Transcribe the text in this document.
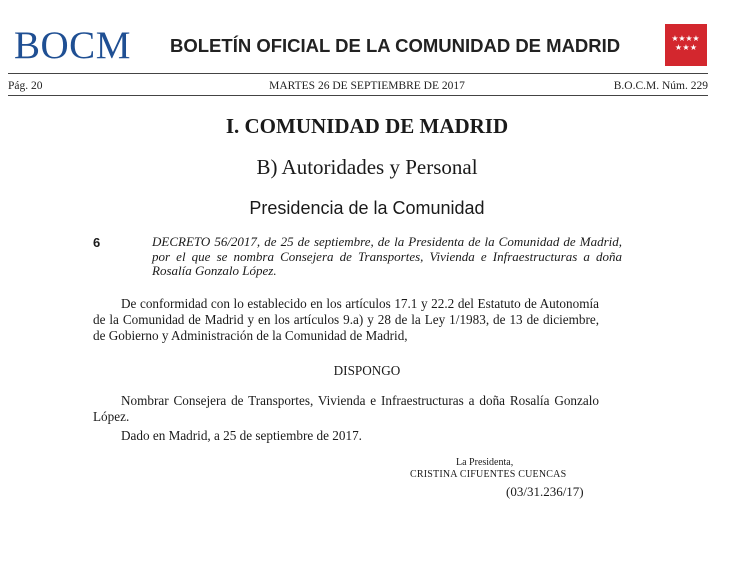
BOCM BOLETÍN OFICIAL DE LA COMUNIDAD DE MADRID	★ ★ ★ ★
★ ★ ★
Pág. 20	MARTES 26 DE SEPTIEMBRE DE 2017	B.O.C.M. Núm. 229
I. COMUNIDAD DE MADRID
B) Autoridades y Personal
Presidencia de la Comunidad
6	DECRETO 56/2017, de 25 de septiembre, de la Presidenta de la Comunidad de Madrid, por el que se nombra Consejera de Transportes, Vivienda e Infraestructuras a doña Rosalía Gonzalo López.
De conformidad con lo establecido en los artículos 17.1 y 22.2 del Estatuto de Autonomía de la Comunidad de Madrid y en los artículos 9.a) y 28 de la Ley 1/1983, de 13 de diciembre, de Gobierno y Administración de la Comunidad de Madrid,
DISPONGO
Nombrar Consejera de Transportes, Vivienda e Infraestructuras a doña Rosalía Gonzalo López.
Dado en Madrid, a 25 de septiembre de 2017.
La Presidenta,
CRISTINA CIFUENTES CUENCAS
(03/31.236/17)
